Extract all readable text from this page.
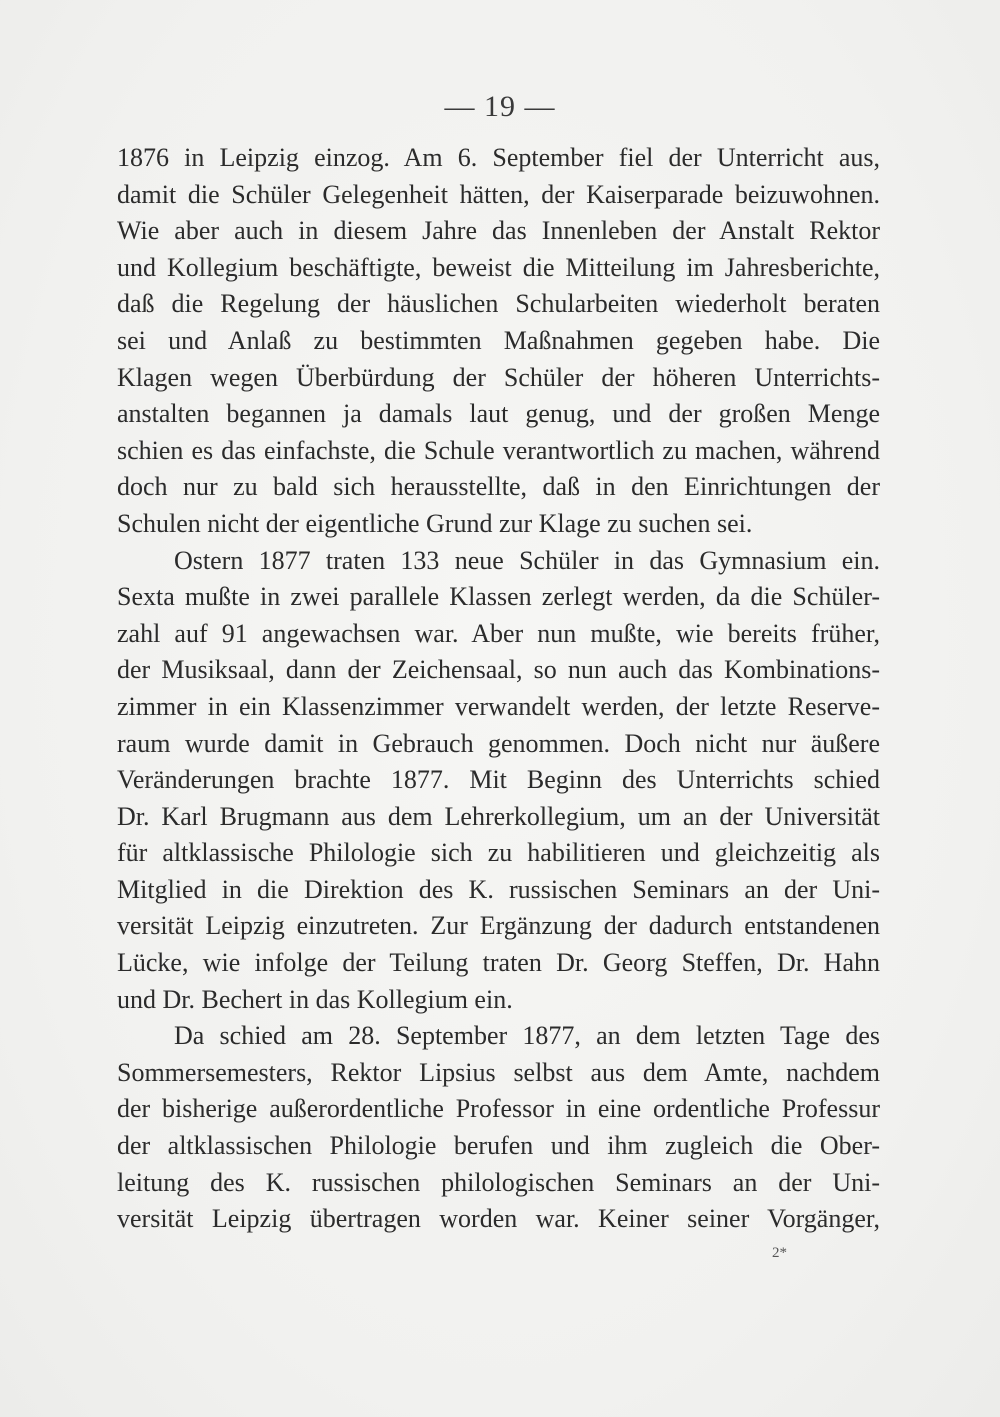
— 19 —
1876 in Leipzig einzog. Am 6. September fiel der Unterricht aus,
damit die Schüler Gelegenheit hätten, der Kaiserparade beizuwohnen.
Wie aber auch in diesem Jahre das Innenleben der Anstalt Rektor
und Kollegium beschäftigte, beweist die Mitteilung im Jahresberichte,
daß die Regelung der häuslichen Schularbeiten wiederholt beraten
sei und Anlaß zu bestimmten Maßnahmen gegeben habe. Die
Klagen wegen Überbürdung der Schüler der höheren Unterrichts-
anstalten begannen ja damals laut genug, und der großen Menge
schien es das einfachste, die Schule verantwortlich zu machen, während
doch nur zu bald sich herausstellte, daß in den Einrichtungen der
Schulen nicht der eigentliche Grund zur Klage zu suchen sei.
Ostern 1877 traten 133 neue Schüler in das Gymnasium ein.
Sexta mußte in zwei parallele Klassen zerlegt werden, da die Schüler-
zahl auf 91 angewachsen war. Aber nun mußte, wie bereits früher,
der Musiksaal, dann der Zeichensaal, so nun auch das Kombinations-
zimmer in ein Klassenzimmer verwandelt werden, der letzte Reserve-
raum wurde damit in Gebrauch genommen. Doch nicht nur äußere
Veränderungen brachte 1877. Mit Beginn des Unterrichts schied
Dr. Karl Brugmann aus dem Lehrerkollegium, um an der Universität
für altklassische Philologie sich zu habilitieren und gleichzeitig als
Mitglied in die Direktion des K. russischen Seminars an der Uni-
versität Leipzig einzutreten. Zur Ergänzung der dadurch entstandenen
Lücke, wie infolge der Teilung traten Dr. Georg Steffen, Dr. Hahn
und Dr. Bechert in das Kollegium ein.
Da schied am 28. September 1877, an dem letzten Tage des
Sommersemesters, Rektor Lipsius selbst aus dem Amte, nachdem
der bisherige außerordentliche Professor in eine ordentliche Professur
der altklassischen Philologie berufen und ihm zugleich die Ober-
leitung des K. russischen philologischen Seminars an der Uni-
versität Leipzig übertragen worden war. Keiner seiner Vorgänger,
2*
